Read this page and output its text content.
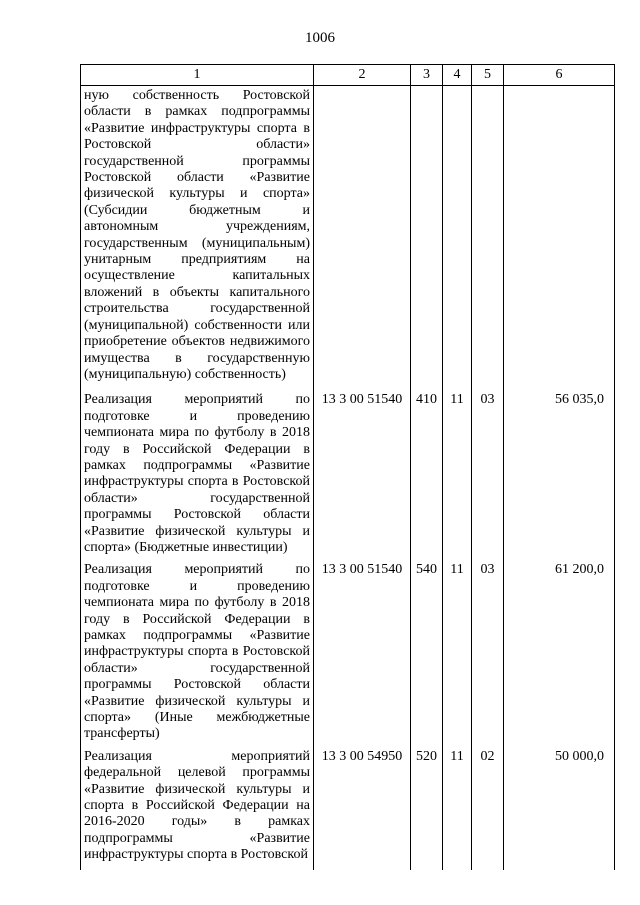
1006
1	2	3	4	5	6
ную собственность Ростовской области в рамках подпрограммы «Развитие инфраструктуры спорта в Ростовской области» государственной программы Ростовской области «Развитие физической культуры и спорта» (Субсидии бюджетным и автономным учреждениям, государственным (муниципальным) унитарным предприятиям на осуществление капитальных вложений в объекты капитального строительства государственной (муниципальной) собственности или приобретение объектов недвижимого имущества в государственную (муниципальную) собственность)					
Реализация мероприятий по подготовке и проведению чемпионата мира по футболу в 2018 году в Российской Федерации в рамках подпрограммы «Развитие инфраструктуры спорта в Ростовской области» государственной программы Ростовской области «Развитие физической культуры и спорта» (Бюджетные инвестиции)	13 3 00 51540	410	11	03	56 035,0
Реализация мероприятий по подготовке и проведению чемпионата мира по футболу в 2018 году в Российской Федерации в рамках подпрограммы «Развитие инфраструктуры спорта в Ростовской области» государственной программы Ростовской области «Развитие физической культуры и спорта» (Иные межбюджетные трансферты)	13 3 00 51540	540	11	03	61 200,0
Реализация мероприятий федеральной целевой программы «Развитие физической культуры и спорта в Российской Федерации на 2016-2020 годы» в рамках подпрограммы «Развитие инфраструктуры спорта в Ростовской	13 3 00 54950	520	11	02	50 000,0
